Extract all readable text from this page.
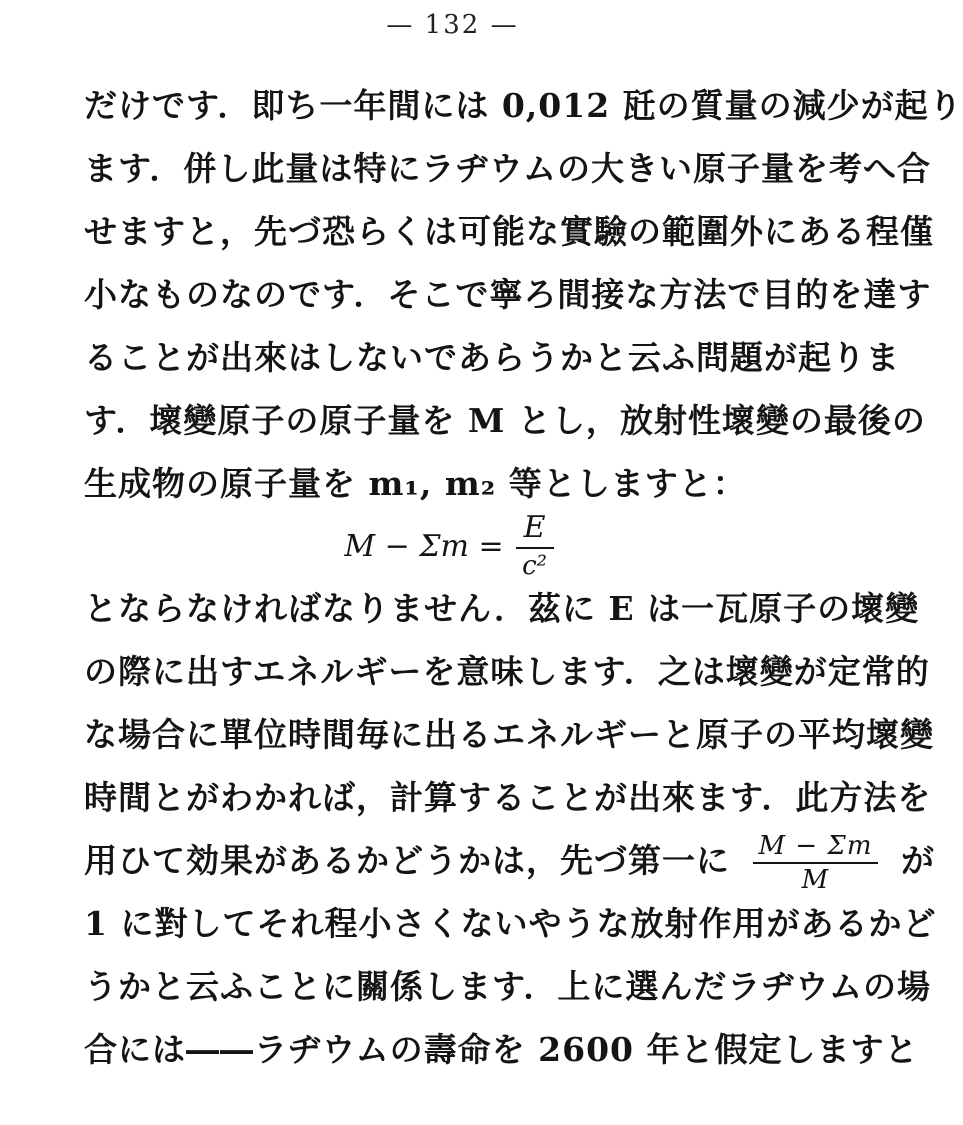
— 132 —
だけです．即ち一年間には 0,012 瓩の質量の減少が起り
ます．併し此量は特にラヂウムの大きい原子量を考へ合
せますと，先づ恐らくは可能な實驗の範圍外にある程僅
小なものなのです．そこで寧ろ間接な方法で目的を達す
ることが出來はしないであらうかと云ふ問題が起りま
す．壞變原子の原子量を M とし，放射性壞變の最後の
生成物の原子量を m₁, m₂ 等としますと：
$M - \Sigma m = \frac{E}{\text{c²}}$
とならなければなりません．茲に E は一瓦原子の壞變
の際に出すエネルギーを意味します．之は壞變が定常的
な場合に單位時間毎に出るエネルギーと原子の平均壞變
時間とがわかれば，計算することが出來ます．此方法を
用ひて効果があるかどうかは，先づ第一に $\frac{M - \Sigma m}{M}$ が
1 に對してそれ程小さくないやうな放射作用があるかど
うかと云ふことに關係します．上に選んだラヂウムの場
合には――ラヂウムの壽命を 2600 年と假定しますと
